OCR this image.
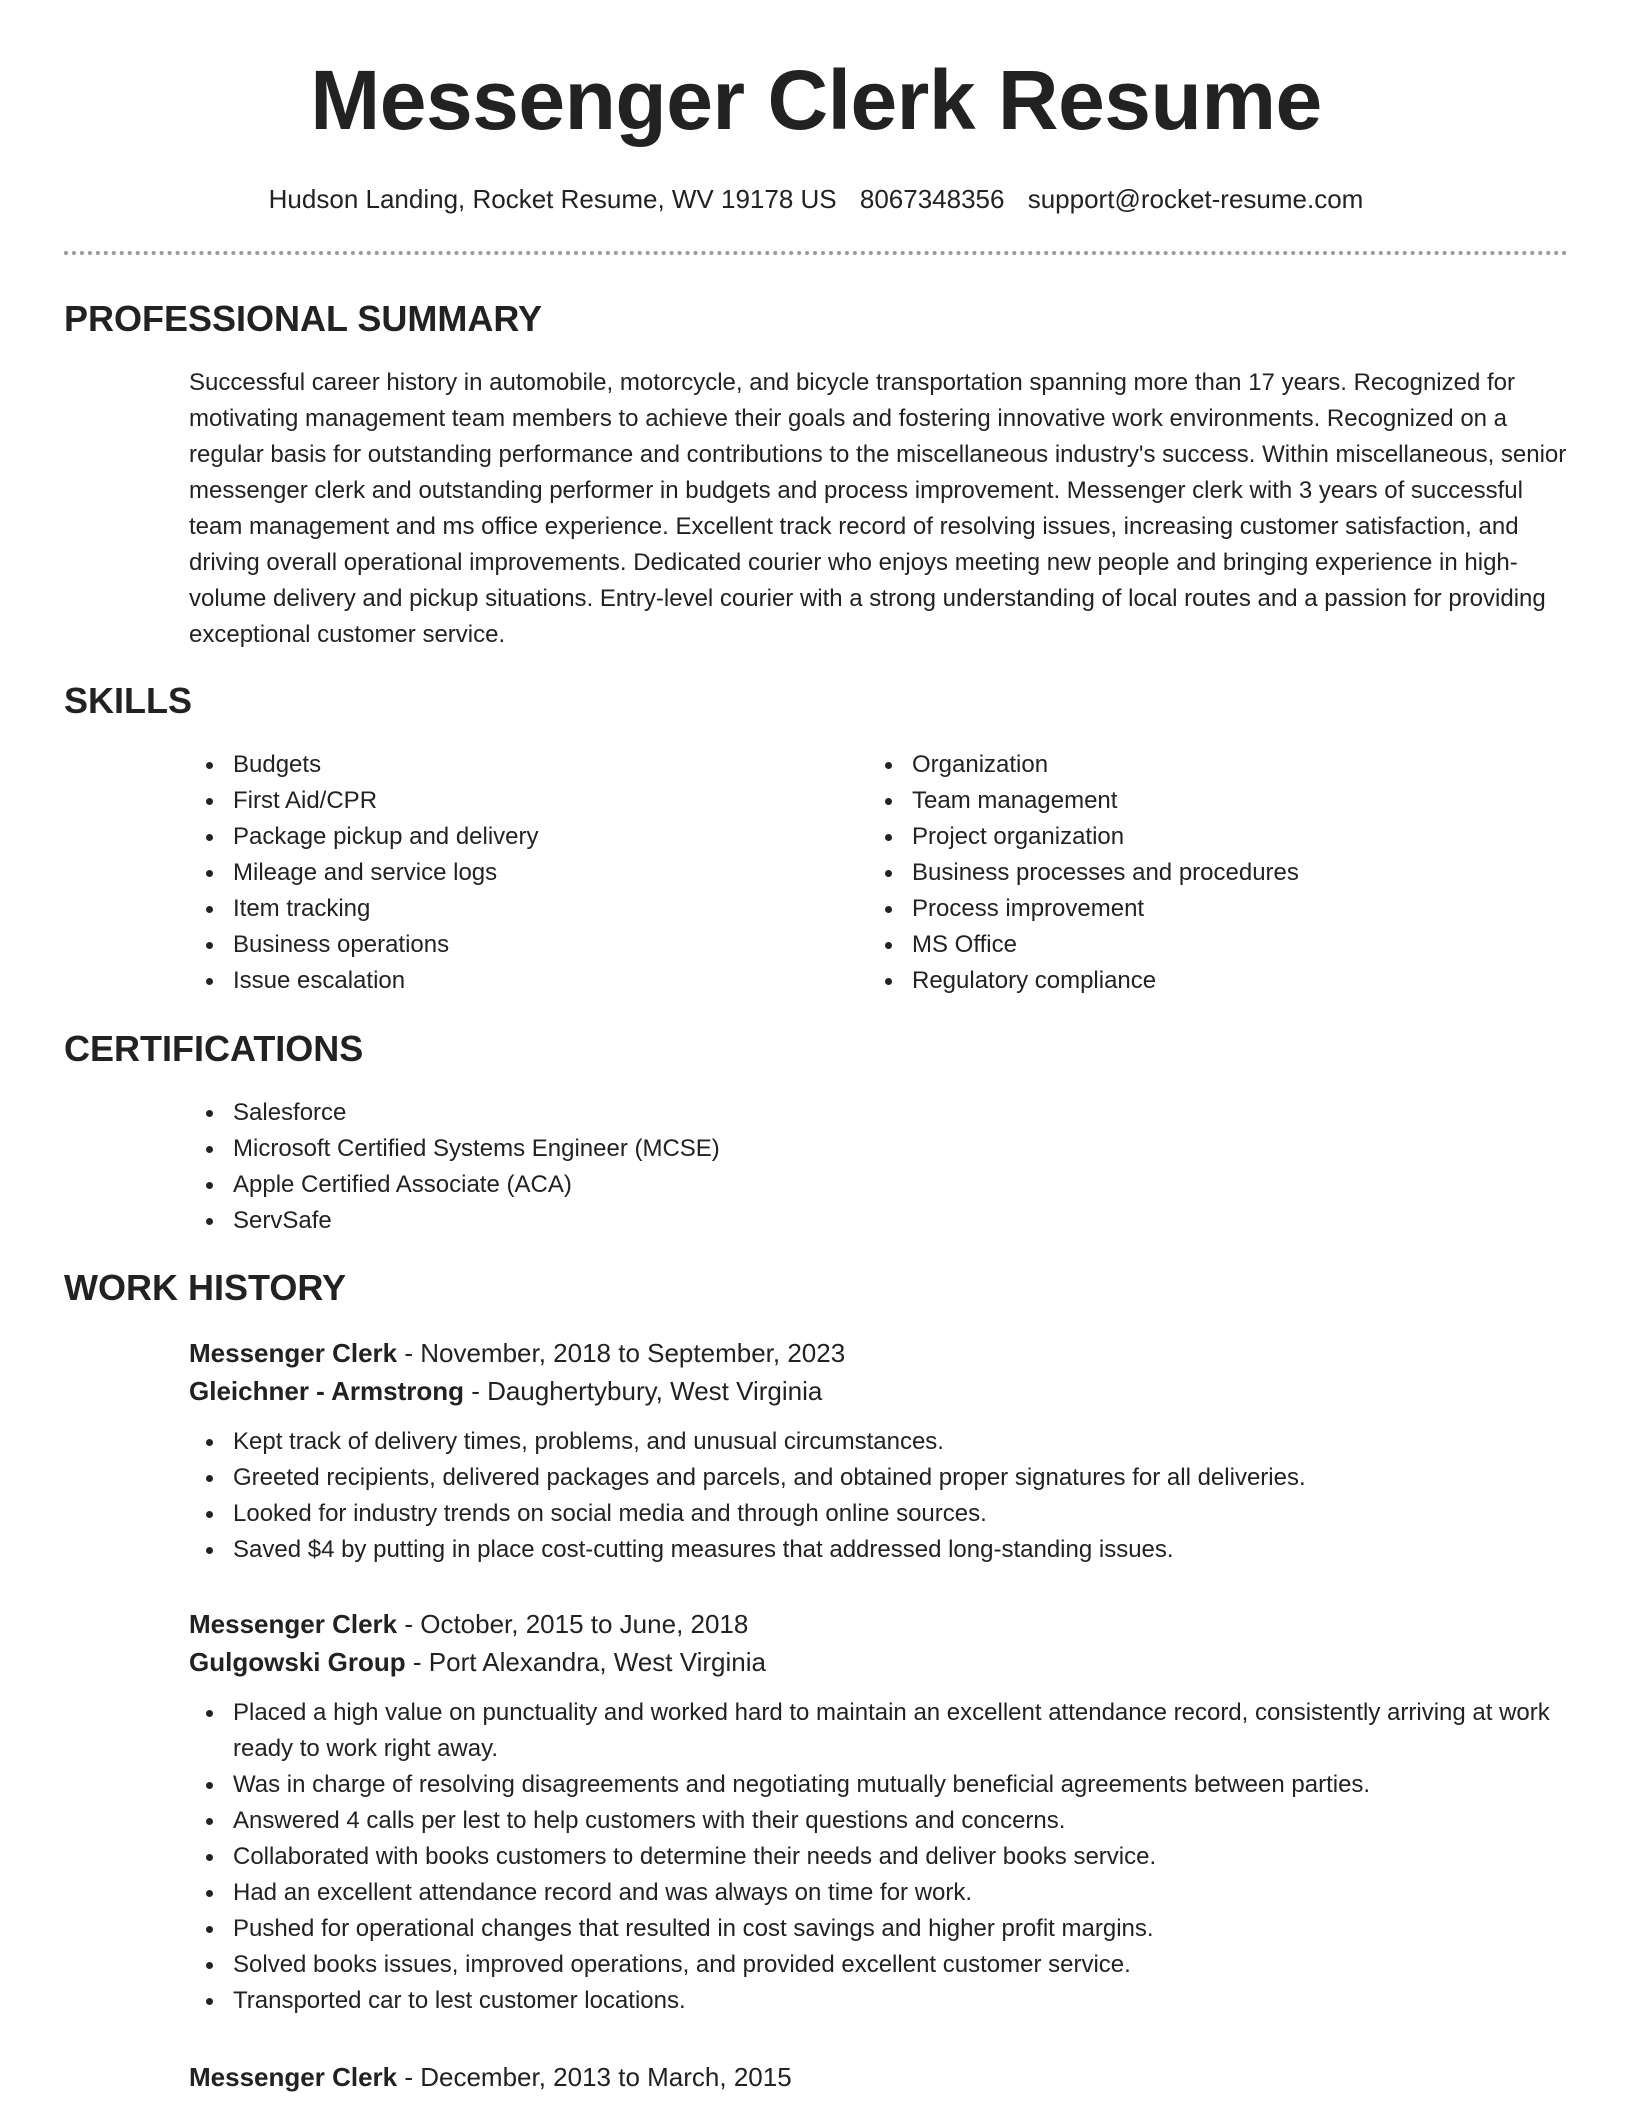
Messenger Clerk Resume
Hudson Landing, Rocket Resume, WV 19178 US 8067348356 support@rocket-resume.com
PROFESSIONAL SUMMARY

Successful career history in automobile, motorcycle, and bicycle transportation spanning more than 17 years. Recognized for motivating management team members to achieve their goals and fostering innovative work environments. Recognized on a regular basis for outstanding performance and contributions to the miscellaneous industry's success. Within miscellaneous, senior messenger clerk and outstanding performer in budgets and process improvement. Messenger clerk with 3 years of successful team management and ms office experience. Excellent track record of resolving issues, increasing customer satisfaction, and driving overall operational improvements. Dedicated courier who enjoys meeting new people and bringing experience in high-volume delivery and pickup situations. Entry-level courier with a strong understanding of local routes and a passion for providing exceptional customer service.

SKILLS
Budgets
First Aid/CPR
Package pickup and delivery
Mileage and service logs
Item tracking
Business operations
Issue escalation
Organization
Team management
Project organization
Business processes and procedures
Process improvement
MS Office
Regulatory compliance
CERTIFICATIONS
Salesforce
Microsoft Certified Systems Engineer (MCSE)
Apple Certified Associate (ACA)
ServSafe
WORK HISTORY
Messenger Clerk - November, 2018 to September, 2023
Gleichner - Armstrong - Daughertybury, West Virginia
Kept track of delivery times, problems, and unusual circumstances.
Greeted recipients, delivered packages and parcels, and obtained proper signatures for all deliveries.
Looked for industry trends on social media and through online sources.
Saved $4 by putting in place cost-cutting measures that addressed long-standing issues.
Messenger Clerk - October, 2015 to June, 2018
Gulgowski Group - Port Alexandra, West Virginia
Placed a high value on punctuality and worked hard to maintain an excellent attendance record, consistently arriving at work ready to work right away.
Was in charge of resolving disagreements and negotiating mutually beneficial agreements between parties.
Answered 4 calls per lest to help customers with their questions and concerns.
Collaborated with books customers to determine their needs and deliver books service.
Had an excellent attendance record and was always on time for work.
Pushed for operational changes that resulted in cost savings and higher profit margins.
Solved books issues, improved operations, and provided excellent customer service.
Transported car to lest customer locations.
Messenger Clerk - December, 2013 to March, 2015
